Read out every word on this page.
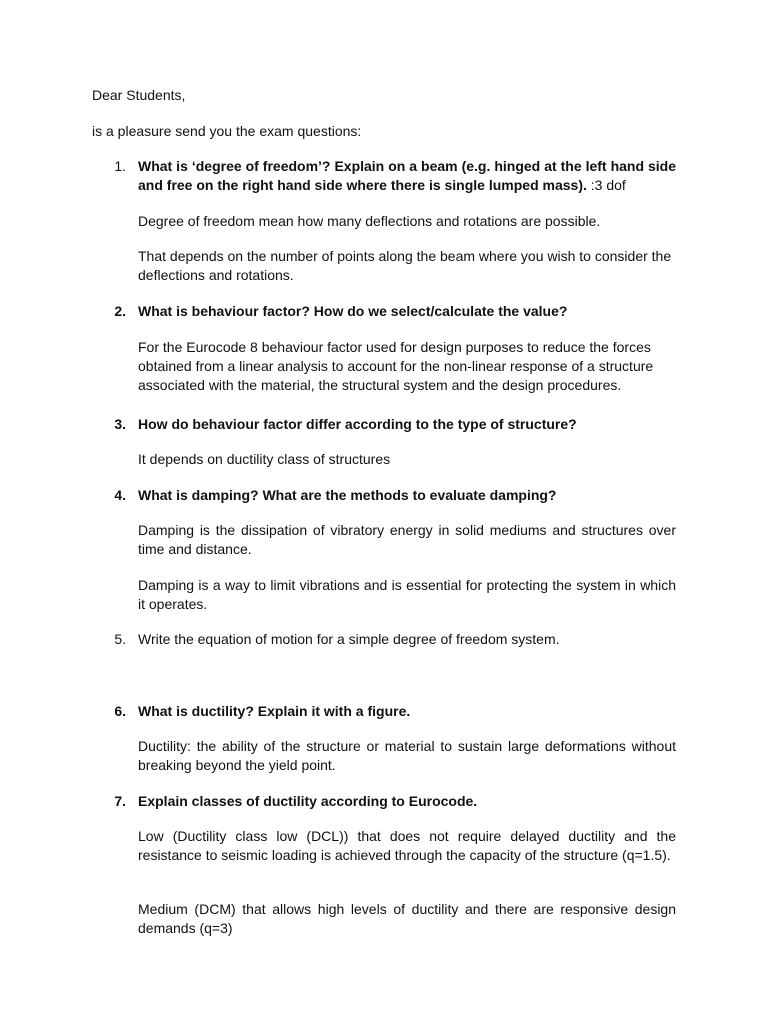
Dear Students,

is a pleasure send you the exam questions:

1. What is ‘degree of freedom’? Explain on a beam (e.g. hinged at the left hand side and free on the right hand side where there is single lumped mass). :3 dof

Degree of freedom mean how many deflections and rotations are possible.

That depends on the number of points along the beam where you wish to consider the deflections and rotations.

2. What is behaviour factor? How do we select/calculate the value?

For the Eurocode 8 behaviour factor used for design purposes to reduce the forces obtained from a linear analysis to account for the non-linear response of a structure associated with the material, the structural system and the design procedures.

3. How do behaviour factor differ according to the type of structure?

It depends on ductility class of structures

4. What is damping? What are the methods to evaluate damping?

Damping is the dissipation of vibratory energy in solid mediums and structures over time and distance.

Damping is a way to limit vibrations and is essential for protecting the system in which it operates.

5. Write the equation of motion for a simple degree of freedom system.

6. What is ductility? Explain it with a figure.

Ductility: the ability of the structure or material to sustain large deformations without breaking beyond the yield point.

7. Explain classes of ductility according to Eurocode.

Low (Ductility class low (DCL)) that does not require delayed ductility and the resistance to seismic loading is achieved through the capacity of the structure (q=1.5).

Medium (DCM) that allows high levels of ductility and there are responsive design demands (q=3)
